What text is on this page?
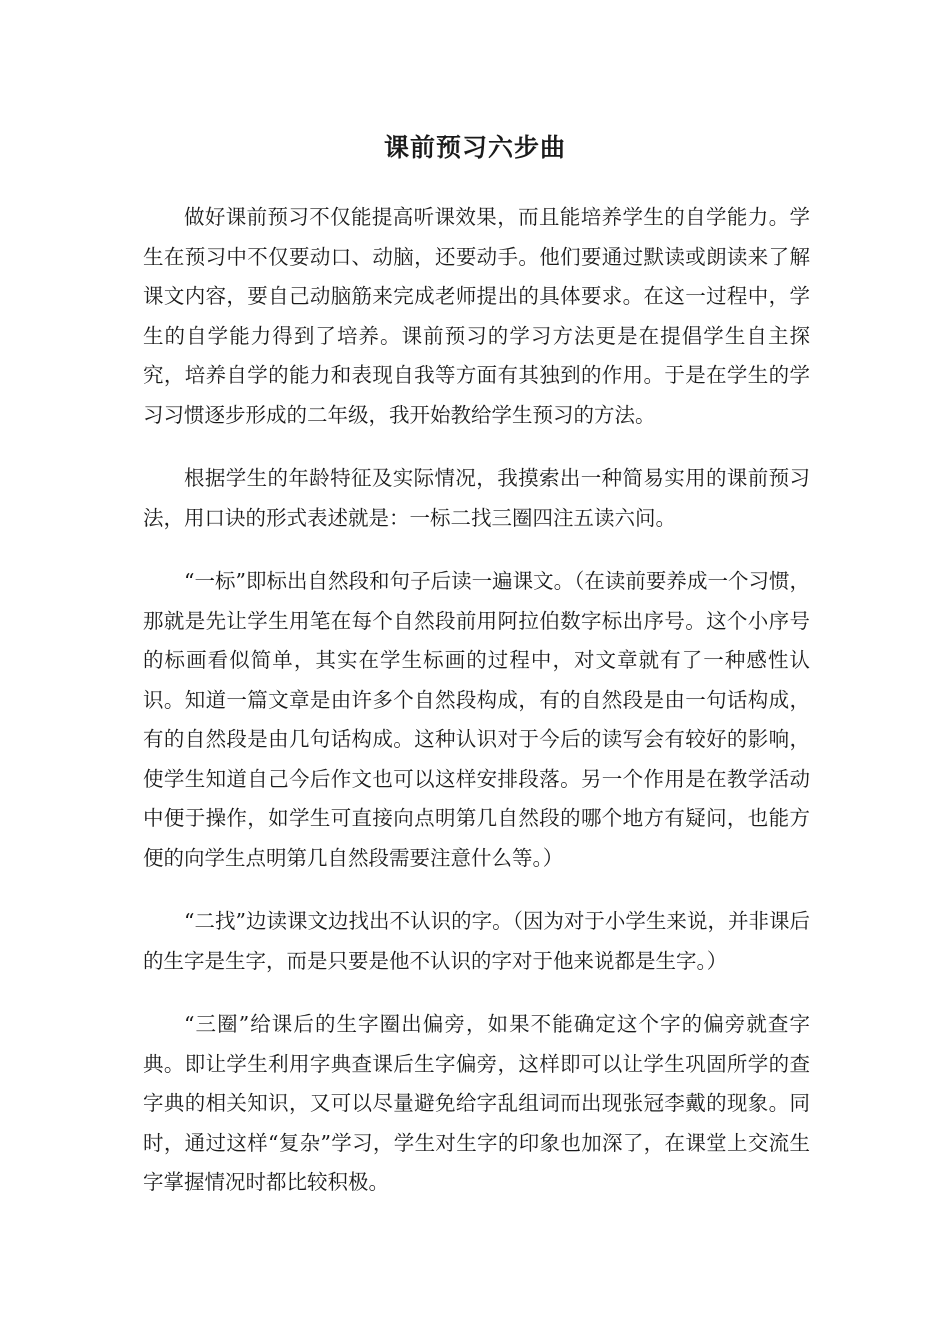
课前预习六步曲

做好课前预习不仅能提高听课效果，而且能培养学生的自学能力。学生在预习中不仅要动口、动脑，还要动手。他们要通过默读或朗读来了解课文内容，要自己动脑筋来完成老师提出的具体要求。在这一过程中，学生的自学能力得到了培养。课前预习的学习方法更是在提倡学生自主探究，培养自学的能力和表现自我等方面有其独到的作用。于是在学生的学习习惯逐步形成的二年级，我开始教给学生预习的方法。

根据学生的年龄特征及实际情况，我摸索出一种简易实用的课前预习法，用口诀的形式表述就是：一标二找三圈四注五读六问。

“一标”即标出自然段和句子后读一遍课文。（在读前要养成一个习惯，那就是先让学生用笔在每个自然段前用阿拉伯数字标出序号。这个小序号的标画看似简单，其实在学生标画的过程中，对文章就有了一种感性认识。知道一篇文章是由许多个自然段构成，有的自然段是由一句话构成，有的自然段是由几句话构成。这种认识对于今后的读写会有较好的影响，使学生知道自己今后作文也可以这样安排段落。另一个作用是在教学活动中便于操作，如学生可直接向点明第几自然段的哪个地方有疑问，也能方便的向学生点明第几自然段需要注意什么等。）

“二找”边读课文边找出不认识的字。（因为对于小学生来说，并非课后的生字是生字，而是只要是他不认识的字对于他来说都是生字。）

“三圈”给课后的生字圈出偏旁，如果不能确定这个字的偏旁就查字典。即让学生利用字典查课后生字偏旁，这样即可以让学生巩固所学的查字典的相关知识，又可以尽量避免给字乱组词而出现张冠李戴的现象。同时，通过这样“复杂”学习，学生对生字的印象也加深了，在课堂上交流生字掌握情况时都比较积极。
